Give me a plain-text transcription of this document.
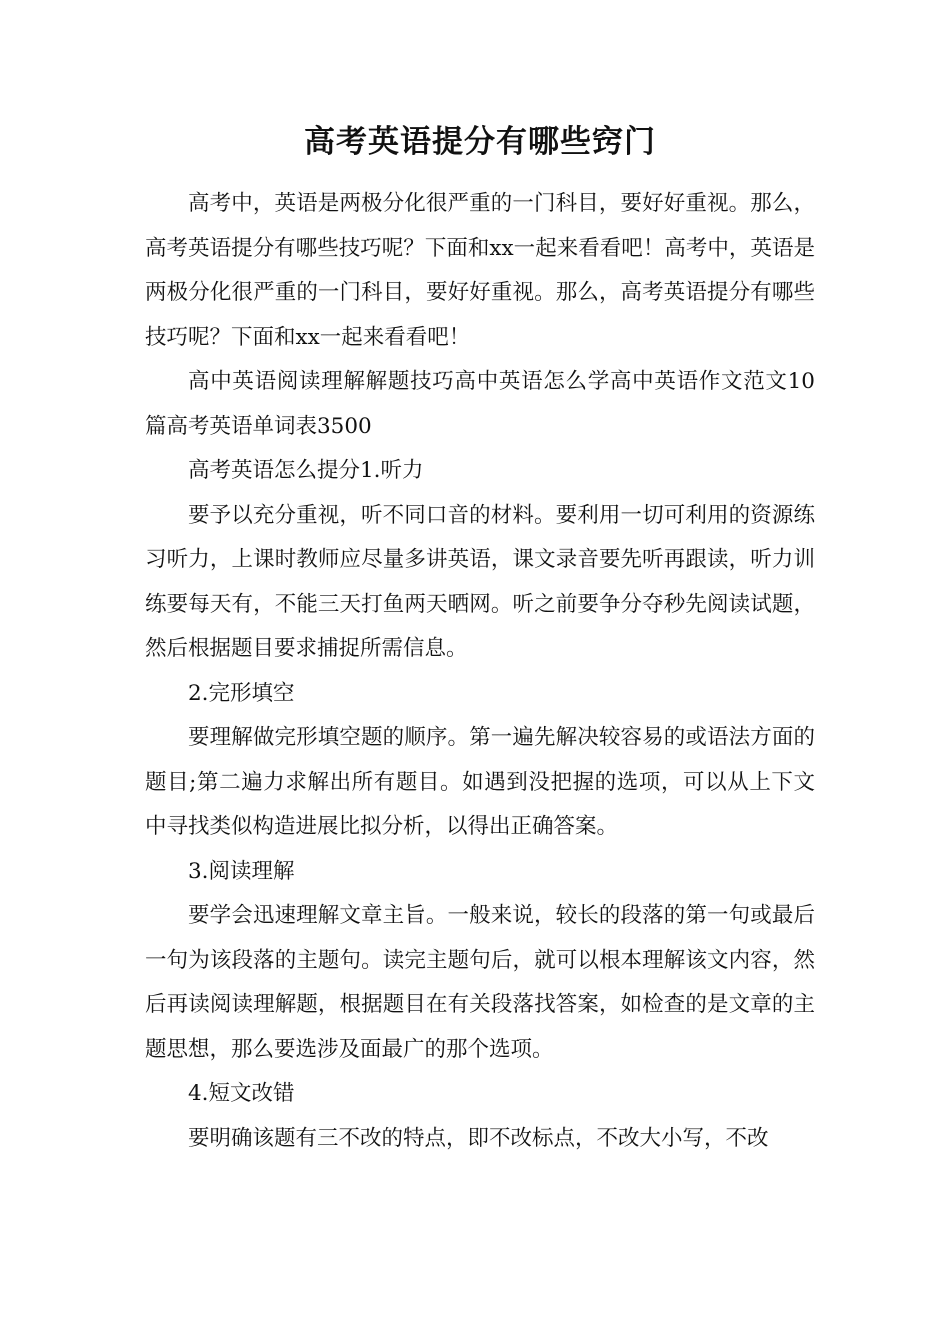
高考英语提分有哪些窍门

高考中，英语是两极分化很严重的一门科目，要好好重视。那么，高考英语提分有哪些技巧呢？下面和xx一起来看看吧！高考中，英语是两极分化很严重的一门科目，要好好重视。那么，高考英语提分有哪些技巧呢？下面和xx一起来看看吧！

高中英语阅读理解解题技巧高中英语怎么学高中英语作文范文10篇高考英语单词表3500

高考英语怎么提分1.听力

要予以充分重视，听不同口音的材料。要利用一切可利用的资源练习听力，上课时教师应尽量多讲英语，课文录音要先听再跟读，听力训练要每天有，不能三天打鱼两天晒网。听之前要争分夺秒先阅读试题，然后根据题目要求捕捉所需信息。

2.完形填空

要理解做完形填空题的顺序。第一遍先解决较容易的或语法方面的题目;第二遍力求解出所有题目。如遇到没把握的选项，可以从上下文中寻找类似构造进展比拟分析，以得出正确答案。

3.阅读理解

要学会迅速理解文章主旨。一般来说，较长的段落的第一句或最后一句为该段落的主题句。读完主题句后，就可以根本理解该文内容，然后再读阅读理解题，根据题目在有关段落找答案，如检查的是文章的主题思想，那么要选涉及面最广的那个选项。

4.短文改错

要明确该题有三不改的特点，即不改标点，不改大小写，不改
